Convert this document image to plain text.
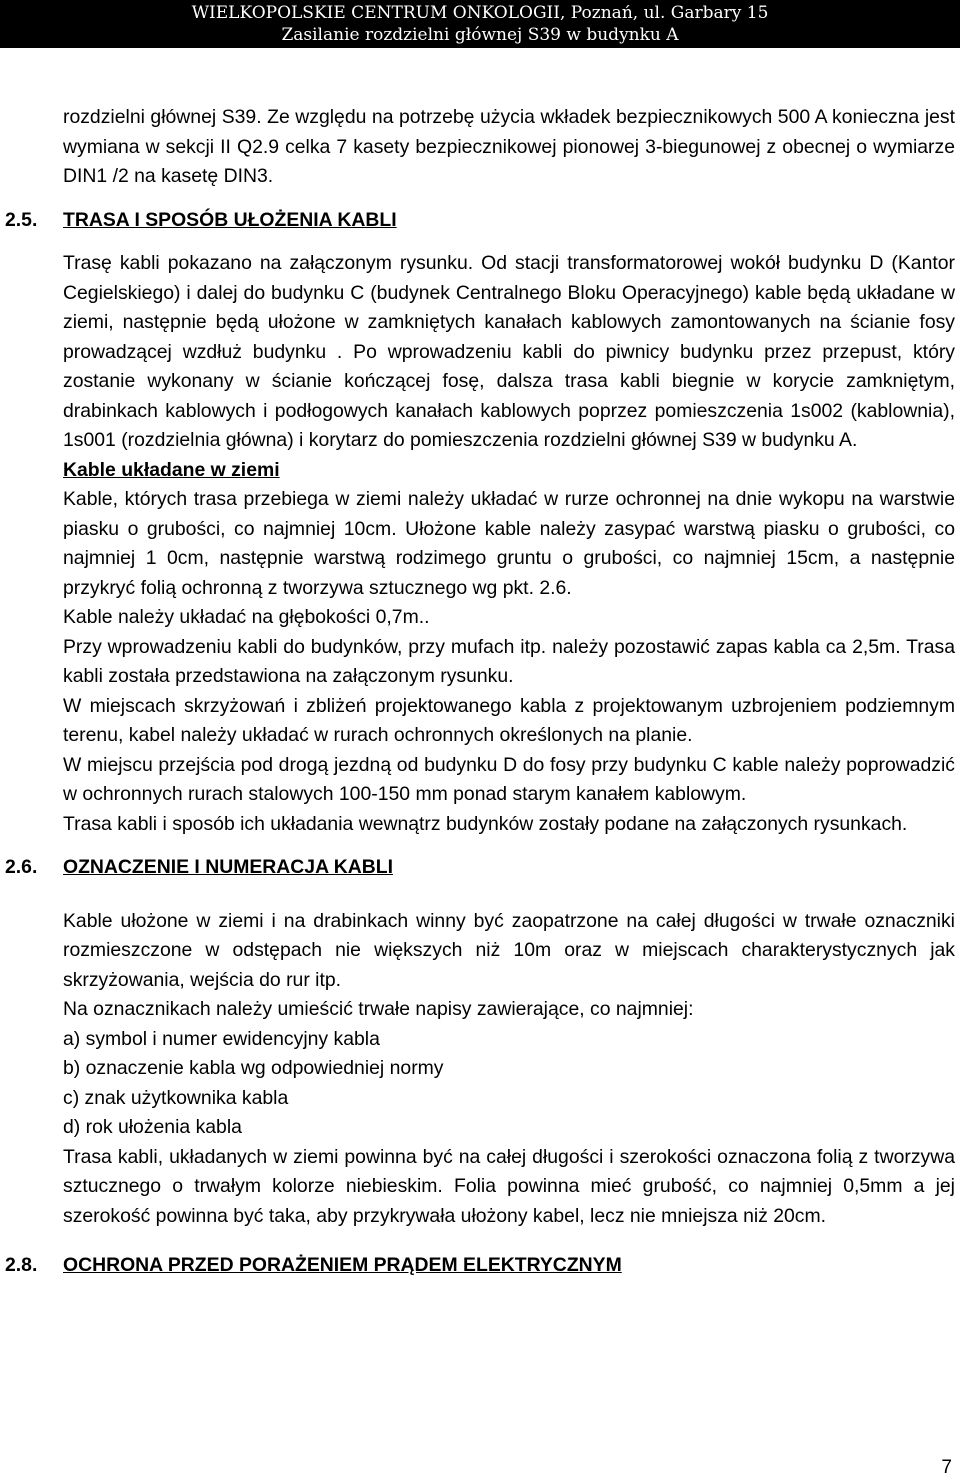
WIELKOPOLSKIE CENTRUM ONKOLOGII, Poznań, ul. Garbary 15
Zasilanie rozdzielni głównej S39 w budynku A

rozdzielni głównej S39. Ze względu na potrzebę użycia wkładek bezpiecznikowych 500 A konieczna jest wymiana w sekcji II Q2.9 celka 7 kasety bezpiecznikowej pionowej 3-biegunowej z obecnej o wymiarze DIN1 /2 na kasetę DIN3.

2.5. TRASA I SPOSÓB UŁOŻENIA KABLI

Trasę kabli pokazano na załączonym rysunku. Od stacji transformatorowej wokół budynku D (Kantor Cegielskiego) i dalej do budynku C (budynek Centralnego Bloku Operacyjnego) kable będą układane w ziemi, następnie będą ułożone w zamkniętych kanałach kablowych zamontowanych na ścianie fosy prowadzącej wzdłuż budynku . Po wprowadzeniu kabli do piwnicy budynku przez przepust, który zostanie wykonany w ścianie kończącej fosę, dalsza trasa kabli biegnie w korycie zamkniętym, drabinkach kablowych i podłogowych kanałach kablowych poprzez pomieszczenia 1s002 (kablownia), 1s001 (rozdzielnia główna) i korytarz do pomieszczenia rozdzielni głównej S39 w budynku A.

Kable układane w ziemi

Kable, których trasa przebiega w ziemi należy układać w rurze ochronnej na dnie wykopu na warstwie piasku o grubości, co najmniej 10cm. Ułożone kable należy zasypać warstwą piasku o grubości, co najmniej 1 0cm, następnie warstwą rodzimego gruntu o grubości, co najmniej 15cm, a następnie przykryć folią ochronną z tworzywa sztucznego wg pkt. 2.6.

Kable należy układać na głębokości 0,7m..

Przy wprowadzeniu kabli do budynków, przy mufach itp. należy pozostawić zapas kabla ca 2,5m. Trasa kabli została przedstawiona na załączonym rysunku.

W miejscach skrzyżowań i zbliżeń projektowanego kabla z projektowanym uzbrojeniem podziemnym terenu, kabel należy układać w rurach ochronnych określonych na planie.

W miejscu przejścia pod drogą jezdną od budynku D do fosy przy budynku C kable należy poprowadzić w ochronnych rurach stalowych 100-150 mm ponad starym kanałem kablowym.

Trasa kabli i sposób ich układania wewnątrz budynków zostały podane na załączonych rysunkach.

2.6. OZNACZENIE I NUMERACJA KABLI

Kable ułożone w ziemi i na drabinkach winny być zaopatrzone na całej długości w trwałe oznaczniki rozmieszczone w odstępach nie większych niż 10m oraz w miejscach charakterystycznych jak skrzyżowania, wejścia do rur itp.

Na oznacznikach należy umieścić trwałe napisy zawierające, co najmniej:

a) symbol i numer ewidencyjny kabla

b) oznaczenie kabla wg odpowiedniej normy

c) znak użytkownika kabla

d) rok ułożenia kabla

Trasa kabli, układanych w ziemi powinna być na całej długości i szerokości oznaczona folią z tworzywa sztucznego o trwałym kolorze niebieskim. Folia powinna mieć grubość, co najmniej 0,5mm a jej szerokość powinna być taka, aby przykrywała ułożony kabel, lecz nie mniejsza niż 20cm.

2.8. OCHRONA PRZED PORAŻENIEM PRĄDEM ELEKTRYCZNYM
7
